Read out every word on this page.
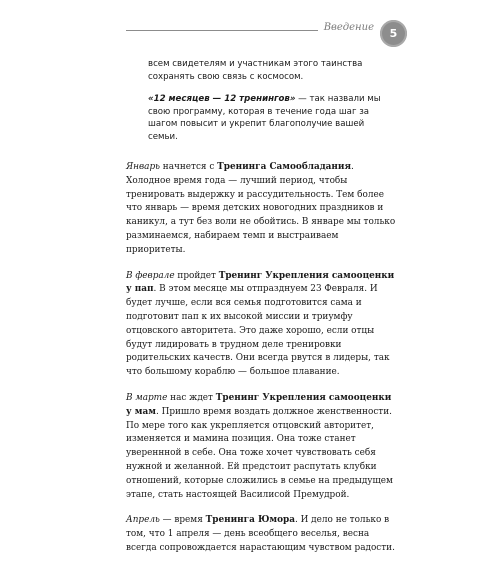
Введение 5

всем свидетелям и участникам этого таинства сохранять свою связь с космосом.

«12 месяцев — 12 тренингов» — так назвали мы свою программу, которая в течение года шаг за шагом повысит и укрепит благополучие вашей семьи.

Январь начнется с Тренинга Самообладания. Холодное время года — лучший период, чтобы тренировать выдержку и рассудительность. Тем более что январь — время детских новогодних праздников и каникул, а тут без воли не обойтись. В январе мы только разминаемся, набираем темп и выстраиваем приоритеты.

В феврале пройдет Тренинг Укрепления самооценки у пап. В этом месяце мы отпразднуем 23 Февраля. И будет лучше, если вся семья подготовится сама и подготовит пап к их высокой миссии и триумфу отцовского авторитета. Это даже хорошо, если отцы будут лидировать в трудном деле тренировки родительских качеств. Они всегда рвутся в лидеры, так что большому кораблю — большое плавание.

В марте нас ждет Тренинг Укрепления самооценки у мам. Пришло время воздать должное женственности. По мере того как укрепляется отцовский авторитет, изменяется и мамина позиция. Она тоже станет увереннной в себе. Она тоже хочет чувствовать себя нужной и желанной. Ей предстоит распутать клубки отношений, которые сложились в семье на предыдущем этапе, стать настоящей Василисой Премудрой.

Апрель — время Тренинга Юмора. И дело не только в том, что 1 апреля — день всеобщего веселья, весна всегда сопровождается нарастающим чувством радости.
